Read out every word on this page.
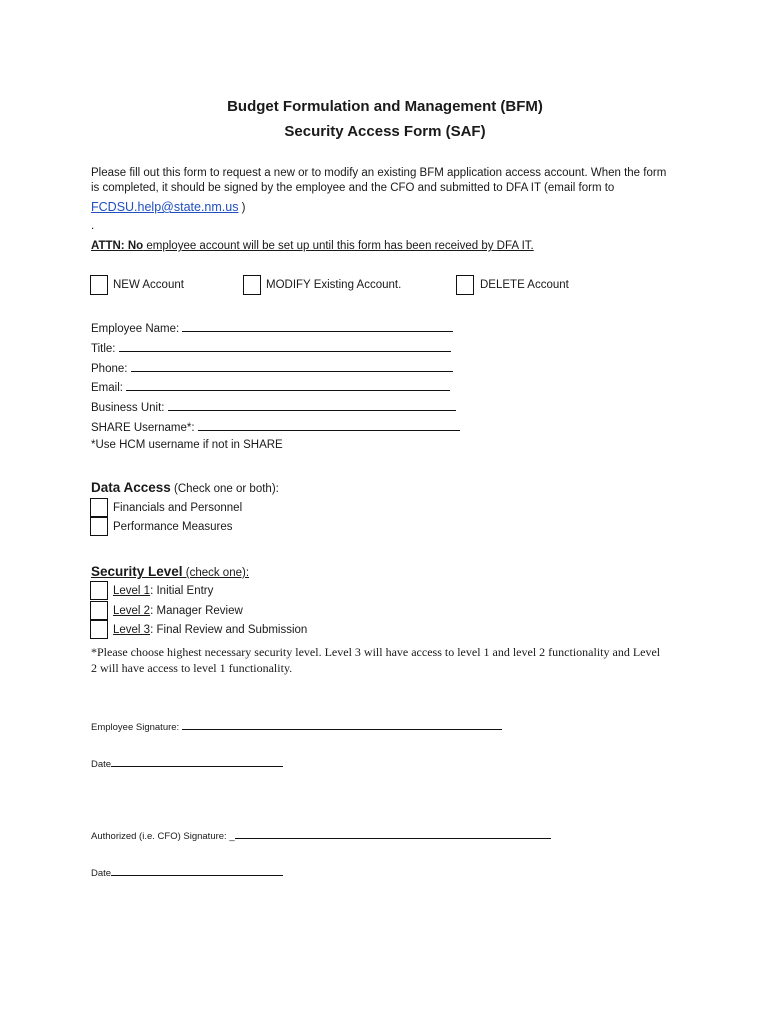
Budget Formulation and Management (BFM)
Security Access Form (SAF)
Please fill out this form to request a new or to modify an existing BFM application access account. When the form
is completed, it should be signed by the employee and the CFO and submitted to DFA IT (email form to
FCDSU.help@state.nm.us )
.
ATTN: No employee account will be set up until this form has been received by DFA IT.
NEW Account	MODIFY Existing Account.	DELETE Account
Employee Name:
Title:
Phone:
Email:
Business Unit:
SHARE Username*:
*Use HCM username if not in SHARE
Data Access (Check one or both):
Financials and Personnel
Performance Measures
Security Level (check one):
Level 1: Initial Entry
Level 2: Manager Review
Level 3: Final Review and Submission
*Please choose highest necessary security level. Level 3 will have access to level 1 and level 2 functionality and Level
2 will have access to level 1 functionality.
Employee Signature:
Date
Authorized (i.e. CFO) Signature: _
Date
